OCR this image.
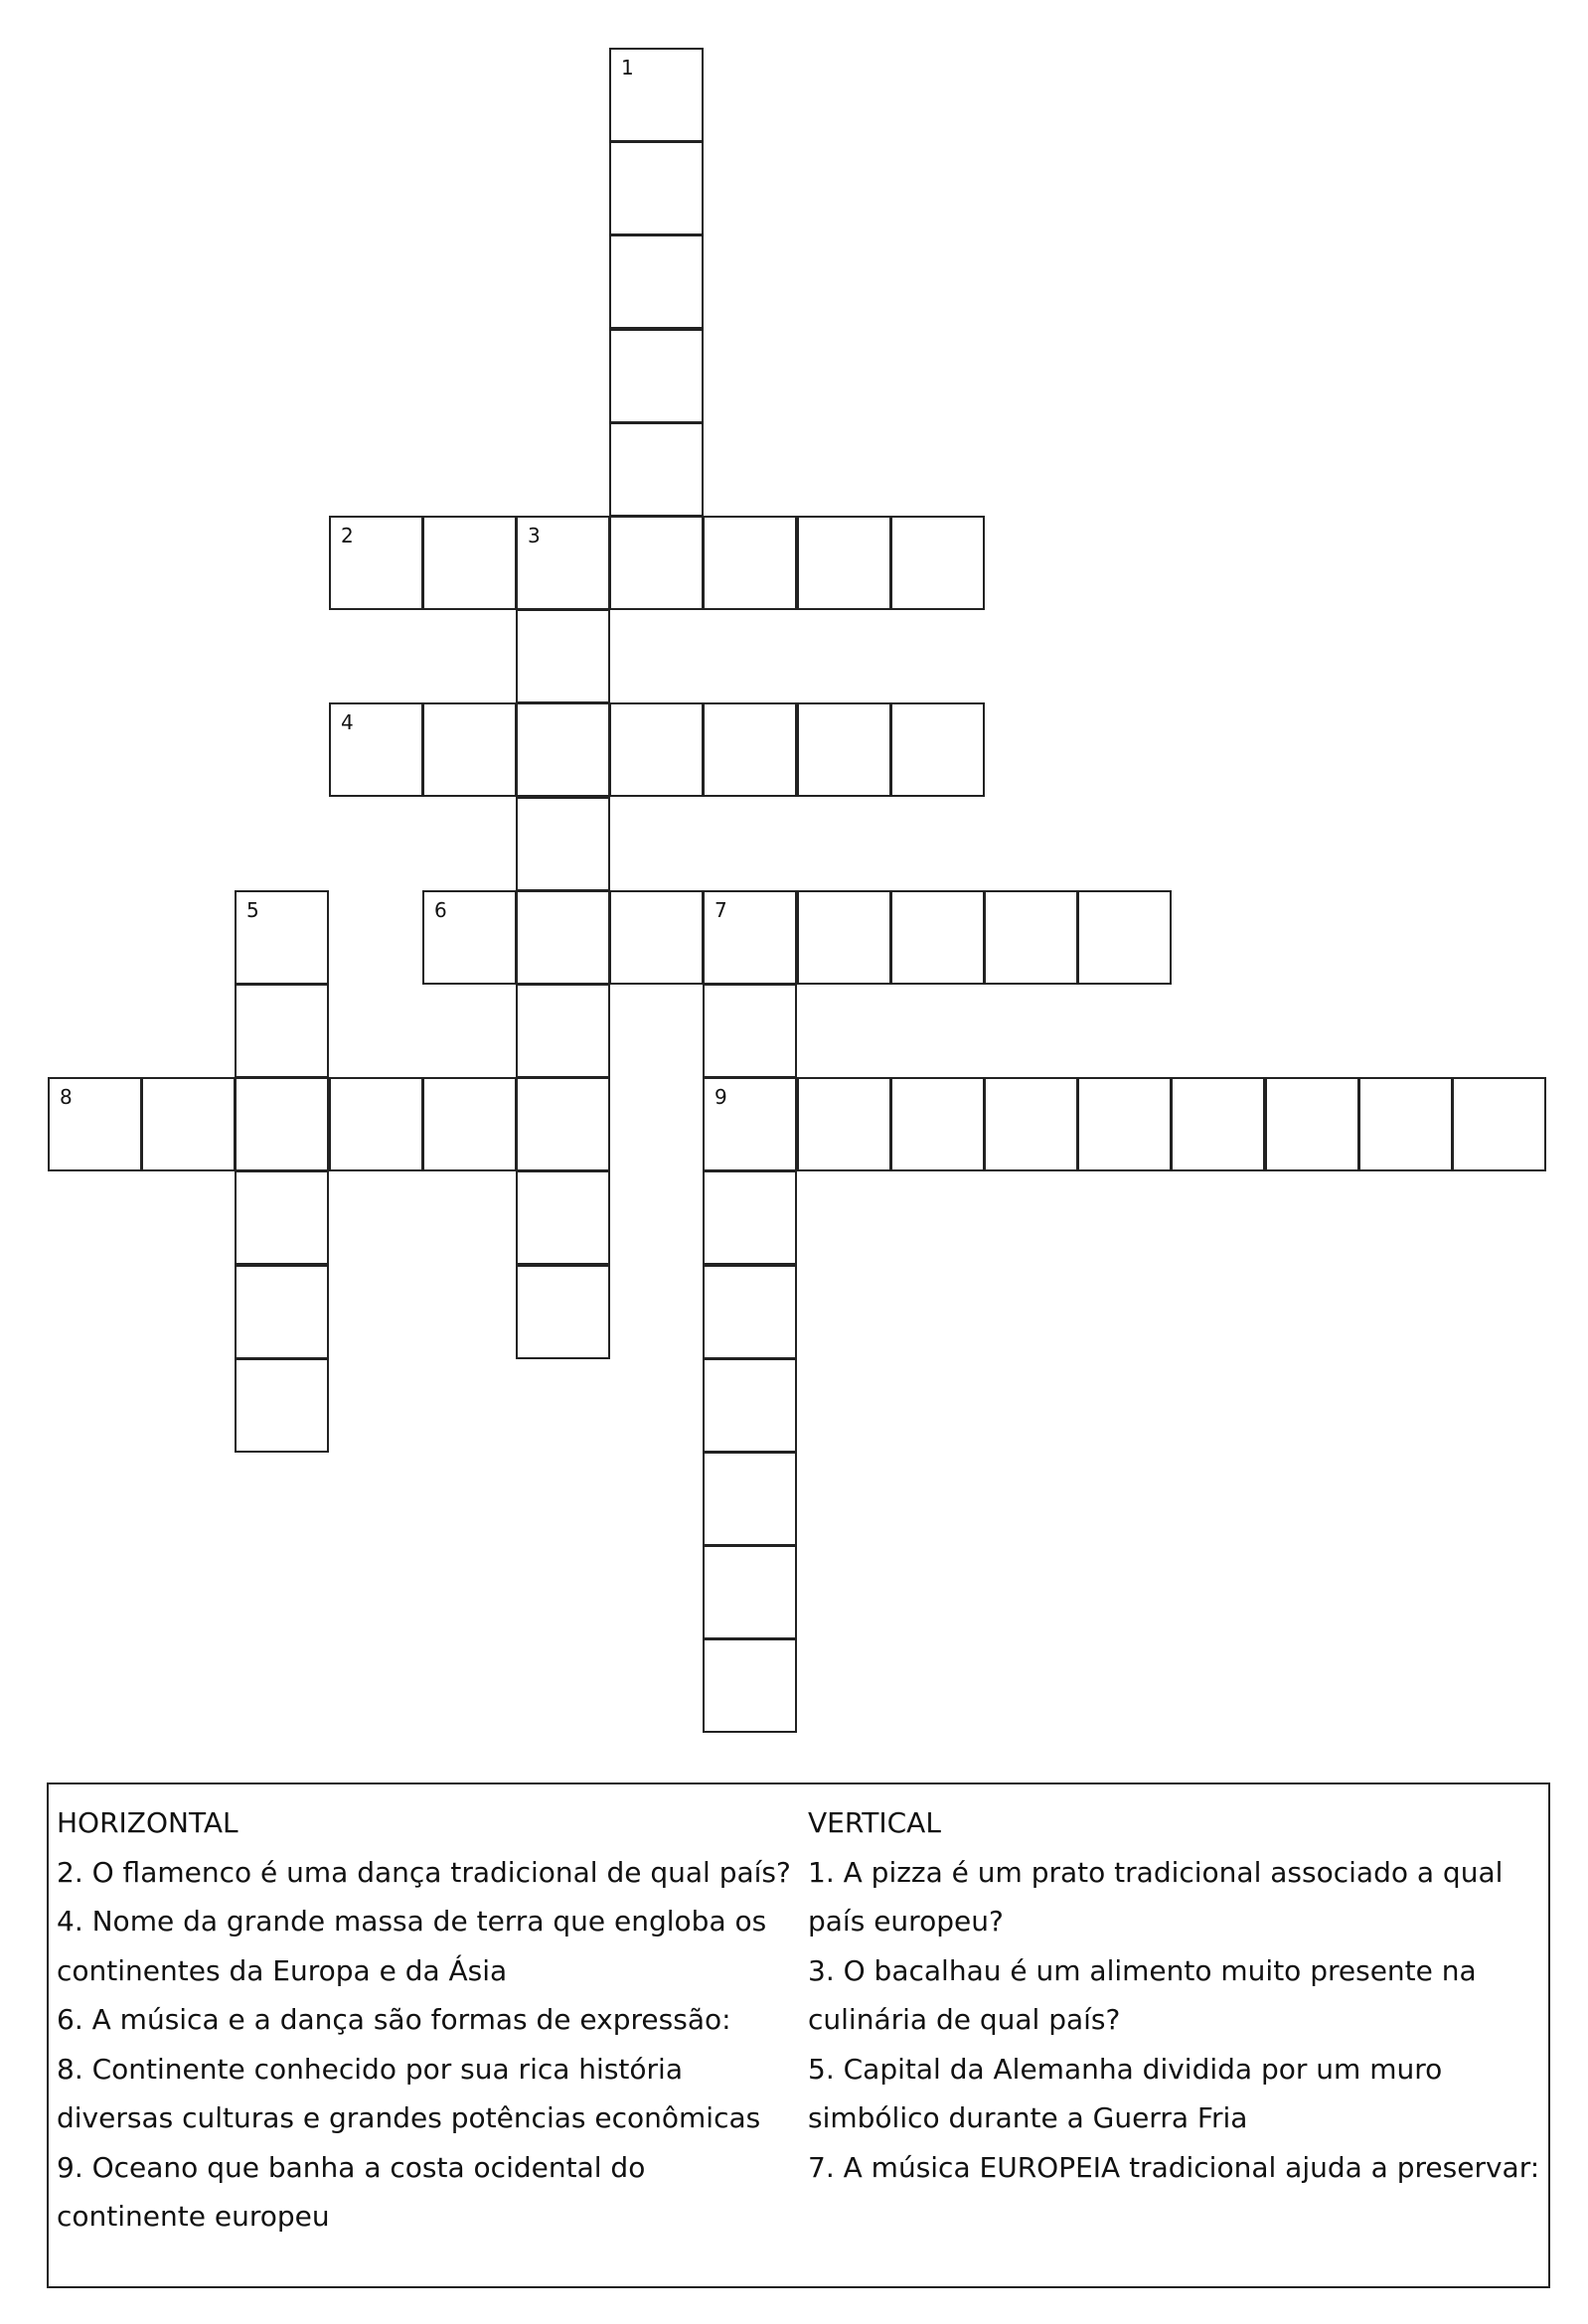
1
2	3
4
5	6	7
9
8
HORIZONTAL
2. O flamenco é uma dança tradicional de qual país?
4. Nome da grande massa de terra que engloba os continentes da Europa e da Ásia
6. A música e a dança são formas de expressão:
8. Continente conhecido por sua rica história diversas culturas e grandes potências econômicas
9. Oceano que banha a costa ocidental do continente europeu
VERTICAL
1. A pizza é um prato tradicional associado a qual país europeu?
3. O bacalhau é um alimento muito presente na culinária de qual país?
5. Capital da Alemanha dividida por um muro simbólico durante a Guerra Fria
7. A música EUROPEIA tradicional ajuda a preservar:
